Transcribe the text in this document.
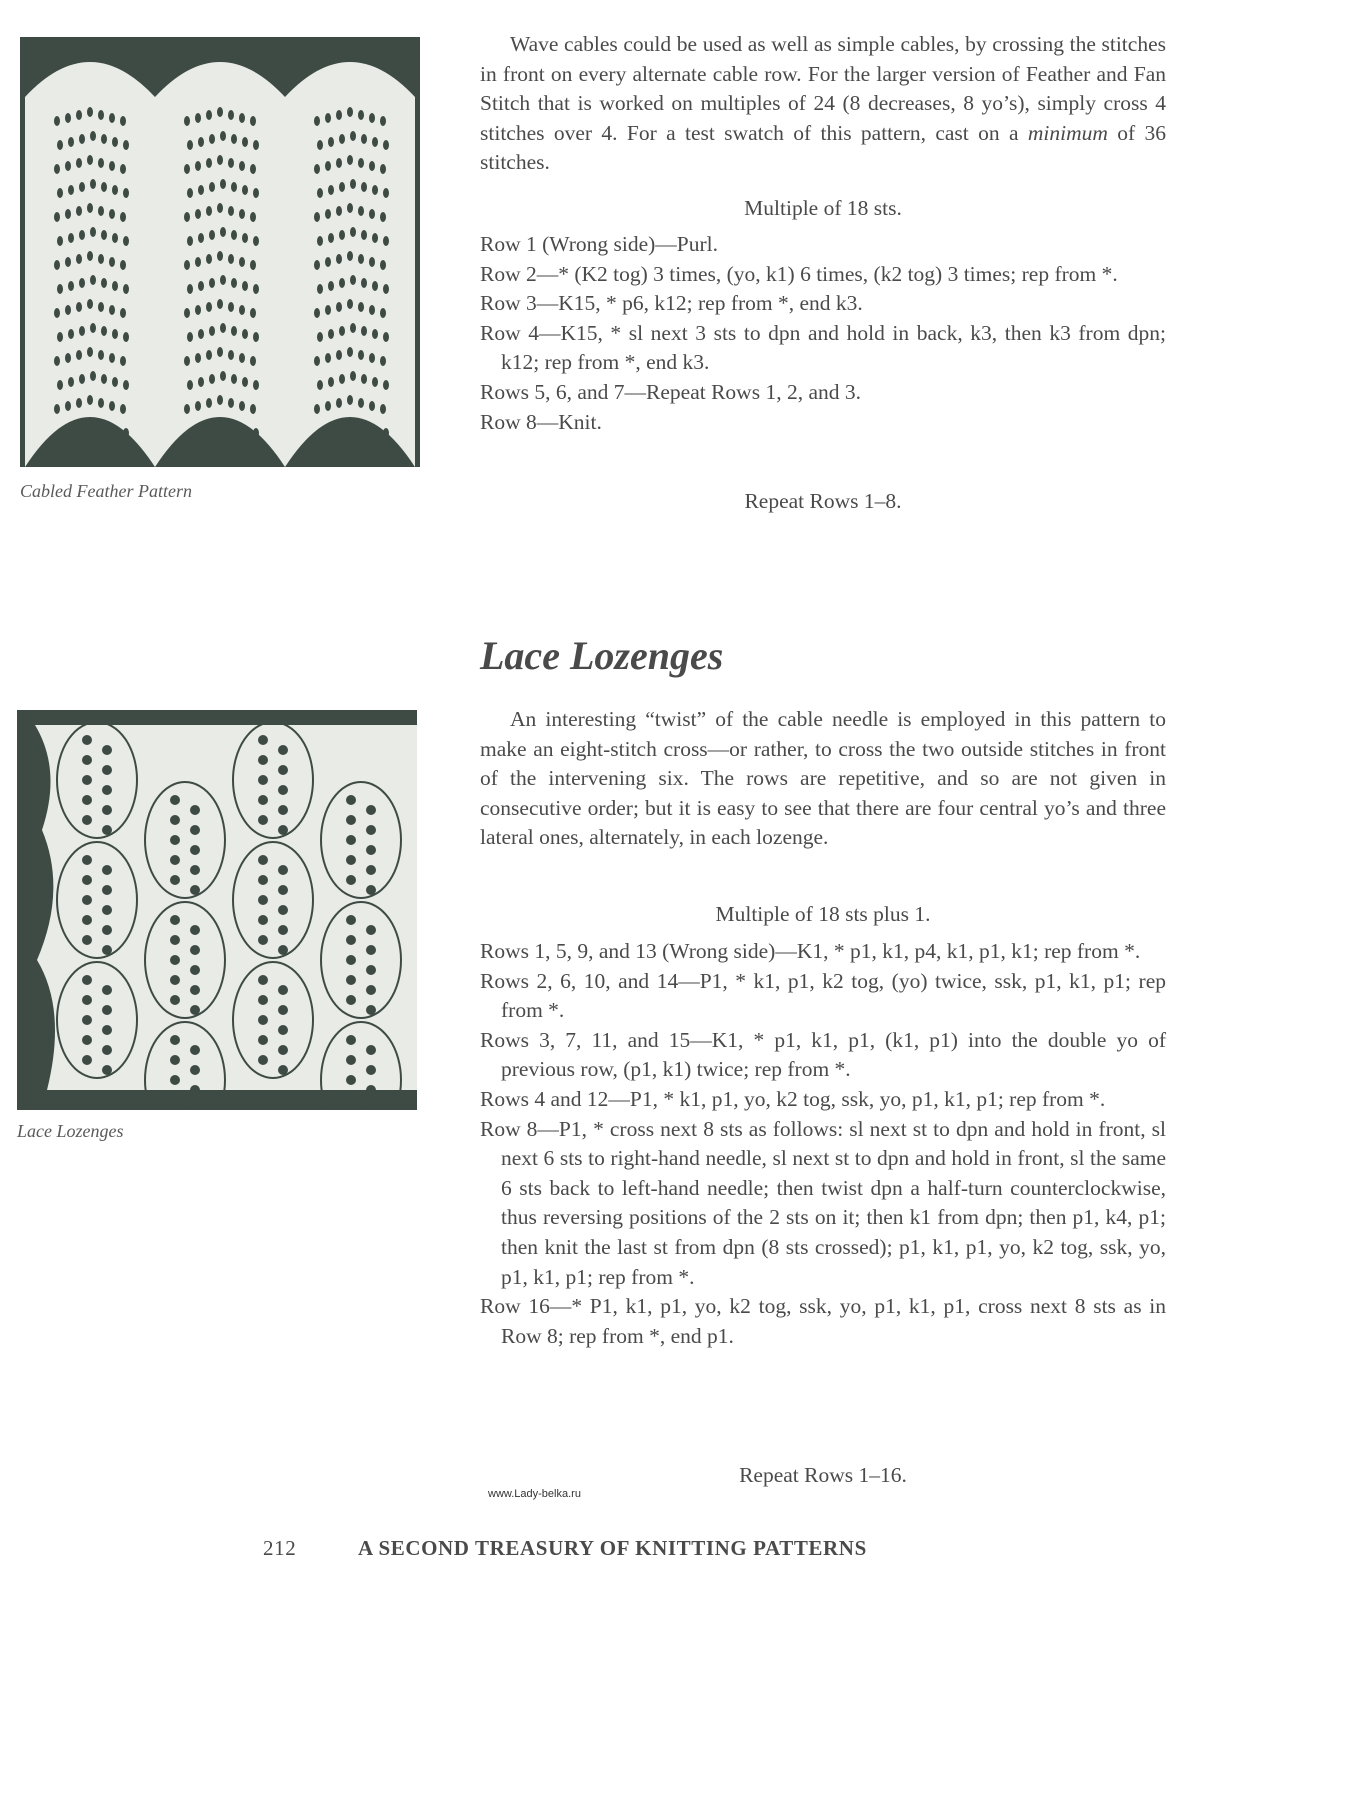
Cabled Feather Pattern

Wave cables could be used as well as simple cables, by crossing the stitches in front on every alternate cable row. For the larger version of Feather and Fan Stitch that is worked on multiples of 24 (8 decreases, 8 yo’s), simply cross 4 stitches over 4. For a test swatch of this pattern, cast on a minimum of 36 stitches.

Multiple of 18 sts.

Row 1 (Wrong side)—Purl.

Row 2—* (K2 tog) 3 times, (yo, k1) 6 times, (k2 tog) 3 times; rep from *.

Row 3—K15, * p6, k12; rep from *, end k3.

Row 4—K15, * sl next 3 sts to dpn and hold in back, k3, then k3 from dpn; k12; rep from *, end k3.

Rows 5, 6, and 7—Repeat Rows 1, 2, and 3.

Row 8—Knit.

Repeat Rows 1–8.

Lace Lozenges
Lace Lozenges

An interesting “twist” of the cable needle is employed in this pattern to make an eight-stitch cross—or rather, to cross the two outside stitches in front of the intervening six. The rows are repetitive, and so are not given in consecutive order; but it is easy to see that there are four central yo’s and three lateral ones, alternately, in each lozenge.

Multiple of 18 sts plus 1.

Rows 1, 5, 9, and 13 (Wrong side)—K1, * p1, k1, p4, k1, p1, k1; rep from *.

Rows 2, 6, 10, and 14—P1, * k1, p1, k2 tog, (yo) twice, ssk, p1, k1, p1; rep from *.

Rows 3, 7, 11, and 15—K1, * p1, k1, p1, (k1, p1) into the double yo of previous row, (p1, k1) twice; rep from *.

Rows 4 and 12—P1, * k1, p1, yo, k2 tog, ssk, yo, p1, k1, p1; rep from *.

Row 8—P1, * cross next 8 sts as follows: sl next st to dpn and hold in front, sl next 6 sts to right-hand needle, sl next st to dpn and hold in front, sl the same 6 sts back to left-hand needle; then twist dpn a half-turn counterclockwise, thus reversing positions of the 2 sts on it; then k1 from dpn; then p1, k4, p1; then knit the last st from dpn (8 sts crossed); p1, k1, p1, yo, k2 tog, ssk, yo, p1, k1, p1; rep from *.

Row 16—* P1, k1, p1, yo, k2 tog, ssk, yo, p1, k1, p1, cross next 8 sts as in Row 8; rep from *, end p1.

Repeat Rows 1–16.

www.Lady-belka.ru
212	A SECOND TREASURY OF KNITTING PATTERNS
